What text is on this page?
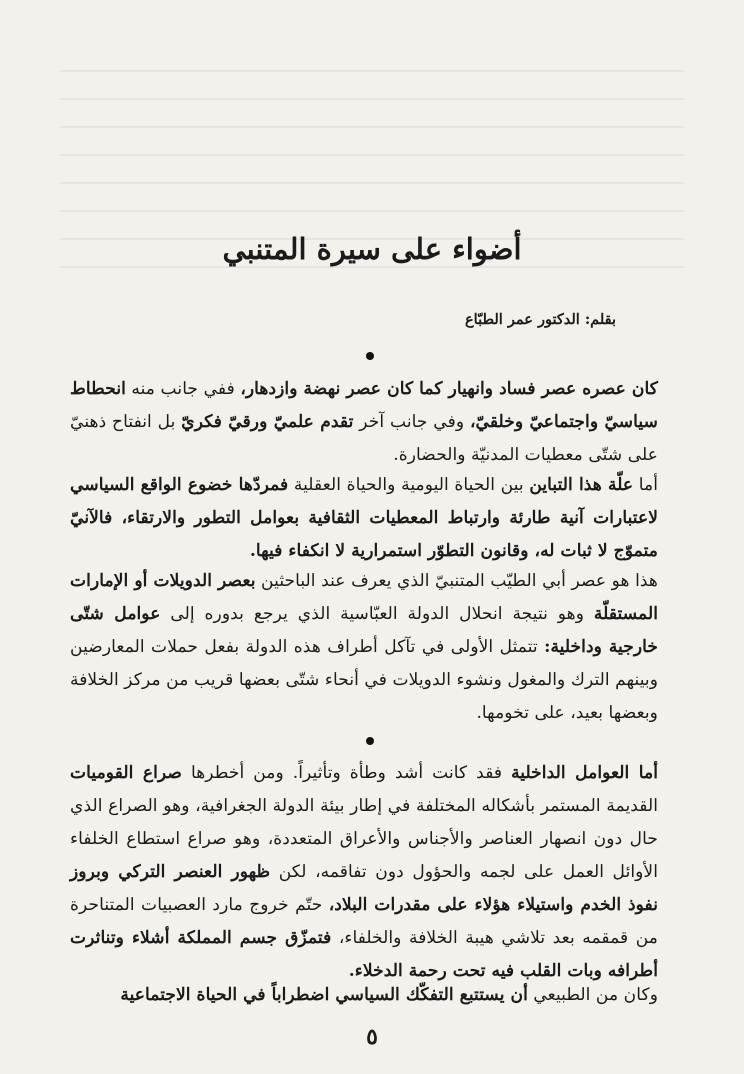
أضواء على سيرة المتنبي

بقلم: الدكتور عمر الطبّاع

كان عصره عصر فساد وانهيار كما كان عصر نهضة وازدهار، ففي جانب منه انحطاط سياسيّ واجتماعيّ وخلقيّ، وفي جانب آخر تقدم علميّ ورقيّ فكريّ بل انفتاح ذهنيّ على شتّى معطيات المدنيّة والحضارة.

أما علّة هذا التباين بين الحياة اليومية والحياة العقلية فمردّها خضوع الواقع السياسي لاعتبارات آنية طارئة وارتباط المعطيات الثقافية بعوامل التطور والارتقاء، فالآنيّ متموّج لا ثبات له، وقانون التطوّر استمرارية لا انكفاء فيها.

هذا هو عصر أبي الطيّب المتنبيّ الذي يعرف عند الباحثين بعصر الدويلات أو الإمارات المستقلّة وهو نتيجة انحلال الدولة العبّاسية الذي يرجع بدوره إلى عوامل شتّى خارجية وداخلية: تتمثل الأولى في تآكل أطراف هذه الدولة بفعل حملات المعارضين وبينهم الترك والمغول ونشوء الدويلات في أنحاء شتّى بعضها قريب من مركز الخلافة وبعضها بعيد، على تخومها.

أما العوامل الداخلية فقد كانت أشد وطأة وتأثيراً. ومن أخطرها صراع القوميات القديمة المستمر بأشكاله المختلفة في إطار بيئة الدولة الجغرافية، وهو الصراع الذي حال دون انصهار العناصر والأجناس والأعراق المتعددة، وهو صراع استطاع الخلفاء الأوائل العمل على لجمه والحؤول دون تفاقمه، لكن ظهور العنصر التركي وبروز نفوذ الخدم واستيلاء هؤلاء على مقدرات البلاد، حتّم خروج مارد العصبيات المتناحرة من قمقمه بعد تلاشي هيبة الخلافة والخلفاء، فتمزّق جسم المملكة أشلاء وتناثرت أطرافه وبات القلب فيه تحت رحمة الدخلاء.

وكان من الطبيعي أن يستتبع التفكّك السياسي اضطراباً في الحياة الاجتماعية

٥
